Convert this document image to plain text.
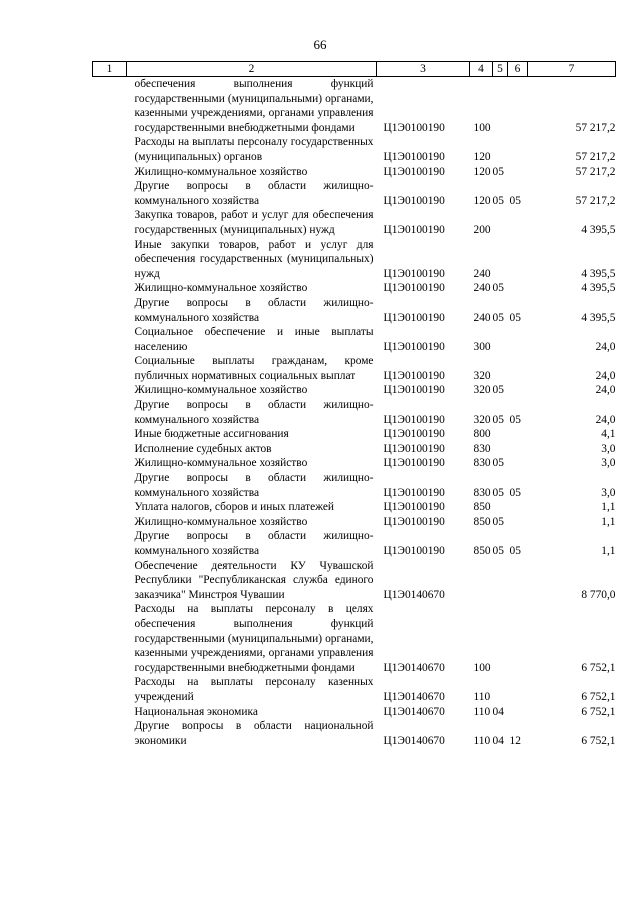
66
1	2	3	4	5	6	7
	обеспечения выполнения функций государственными (муниципальными) органами, казенными учреждениями, органами управления государственными внебюджетными фондами	Ц1Э0100190	100			57 217,2
	Расходы на выплаты персоналу государственных (муниципальных) органов	Ц1Э0100190	120			57 217,2
	Жилищно-коммунальное хозяйство	Ц1Э0100190	120	05		57 217,2
	Другие вопросы в области жилищно-коммунального хозяйства	Ц1Э0100190	120	05	05	57 217,2
	Закупка товаров, работ и услуг для обеспечения государственных (муниципальных) нужд	Ц1Э0100190	200			4 395,5
	Иные закупки товаров, работ и услуг для обеспечения государственных (муниципальных) нужд	Ц1Э0100190	240			4 395,5
	Жилищно-коммунальное хозяйство	Ц1Э0100190	240	05		4 395,5
	Другие вопросы в области жилищно-коммунального хозяйства	Ц1Э0100190	240	05	05	4 395,5
	Социальное обеспечение и иные выплаты населению	Ц1Э0100190	300			24,0
	Социальные выплаты гражданам, кроме публичных нормативных социальных выплат	Ц1Э0100190	320			24,0
	Жилищно-коммунальное хозяйство	Ц1Э0100190	320	05		24,0
	Другие вопросы в области жилищно-коммунального хозяйства	Ц1Э0100190	320	05	05	24,0
	Иные бюджетные ассигнования	Ц1Э0100190	800			4,1
	Исполнение судебных актов	Ц1Э0100190	830			3,0
	Жилищно-коммунальное хозяйство	Ц1Э0100190	830	05		3,0
	Другие вопросы в области жилищно-коммунального хозяйства	Ц1Э0100190	830	05	05	3,0
	Уплата налогов, сборов и иных платежей	Ц1Э0100190	850			1,1
	Жилищно-коммунальное хозяйство	Ц1Э0100190	850	05		1,1
	Другие вопросы в области жилищно-коммунального хозяйства	Ц1Э0100190	850	05	05	1,1
	Обеспечение деятельности КУ Чувашской Республики "Республиканская служба единого заказчика" Минстроя Чувашии	Ц1Э0140670				8 770,0
	Расходы на выплаты персоналу в целях обеспечения выполнения функций государственными (муниципальными) органами, казенными учреждениями, органами управления государственными внебюджетными фондами	Ц1Э0140670	100			6 752,1
	Расходы на выплаты персоналу казенных учреждений	Ц1Э0140670	110			6 752,1
	Национальная экономика	Ц1Э0140670	110	04		6 752,1
	Другие вопросы в области национальной экономики	Ц1Э0140670	110	04	12	6 752,1
